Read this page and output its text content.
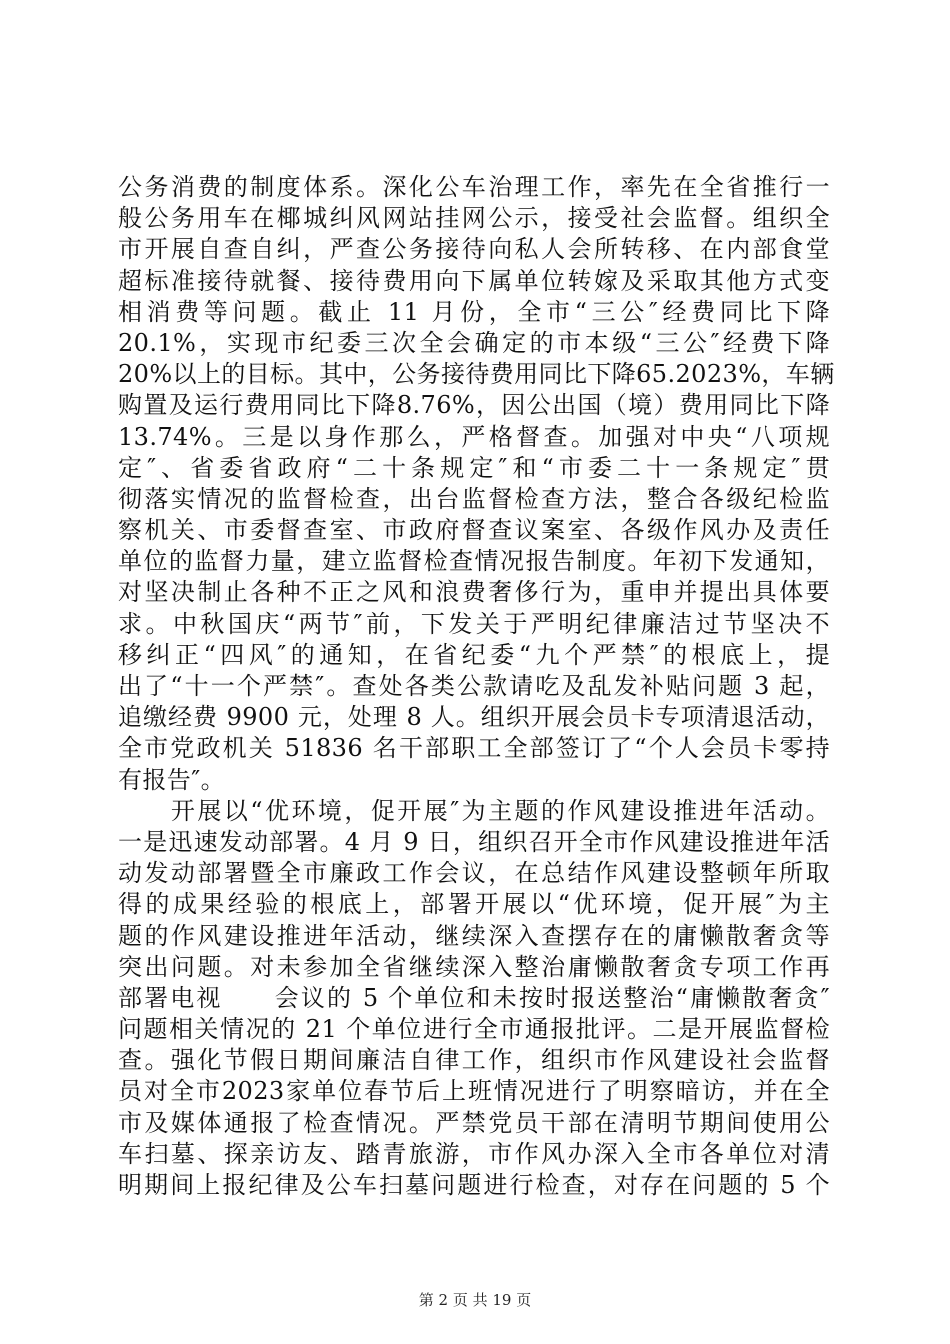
公务消费的制度体系。深化公车治理工作，率先在全省推行一
般公务用车在椰城纠风网站挂网公示，接受社会监督。组织全
市开展自查自纠，严查公务接待向私人会所转移、在内部食堂
超标准接待就餐、接待费用向下属单位转嫁及采取其他方式变
相消费等问题。截止 11 月份，全市“三公″经费同比下降
20.1%，实现市纪委三次全会确定的市本级“三公″经费下降
20%以上的目标。其中，公务接待费用同比下降65.2023%，车辆
购置及运行费用同比下降8.76%，因公出国（境）费用同比下降
13.74%。三是以身作那么，严格督查。加强对中央“八项规
定″、省委省政府“二十条规定″和“市委二十一条规定″贯
彻落实情况的监督检查，出台监督检查方法，整合各级纪检监
察机关、市委督查室、市政府督查议案室、各级作风办及责任
单位的监督力量，建立监督检查情况报告制度。年初下发通知，
对坚决制止各种不正之风和浪费奢侈行为，重申并提出具体要
求。中秋国庆“两节″前，下发关于严明纪律廉洁过节坚决不
移纠正“四风″的通知，在省纪委“九个严禁″的根底上，提
出了“十一个严禁″。查处各类公款请吃及乱发补贴问题 3 起，
追缴经费 9900 元，处理 8 人。组织开展会员卡专项清退活动，
全市党政机关 51836 名干部职工全部签订了“个人会员卡零持
有报告″。
　　开展以“优环境，促开展″为主题的作风建设推进年活动。
一是迅速发动部署。4 月 9 日，组织召开全市作风建设推进年活
动发动部署暨全市廉政工作会议，在总结作风建设整顿年所取
得的成果经验的根底上，部署开展以“优环境，促开展″为主
题的作风建设推进年活动，继续深入查摆存在的庸懒散奢贪等
突出问题。对未参加全省继续深入整治庸懒散奢贪专项工作再
部署电视　　会议的 5 个单位和未按时报送整治“庸懒散奢贪″
问题相关情况的 21 个单位进行全市通报批评。二是开展监督检
查。强化节假日期间廉洁自律工作，组织市作风建设社会监督
员对全市2023家单位春节后上班情况进行了明察暗访，并在全
市及媒体通报了检查情况。严禁党员干部在清明节期间使用公
车扫墓、探亲访友、踏青旅游，市作风办深入全市各单位对清
明期间上报纪律及公车扫墓问题进行检查，对存在问题的 5 个
第 2 页 共 19 页
